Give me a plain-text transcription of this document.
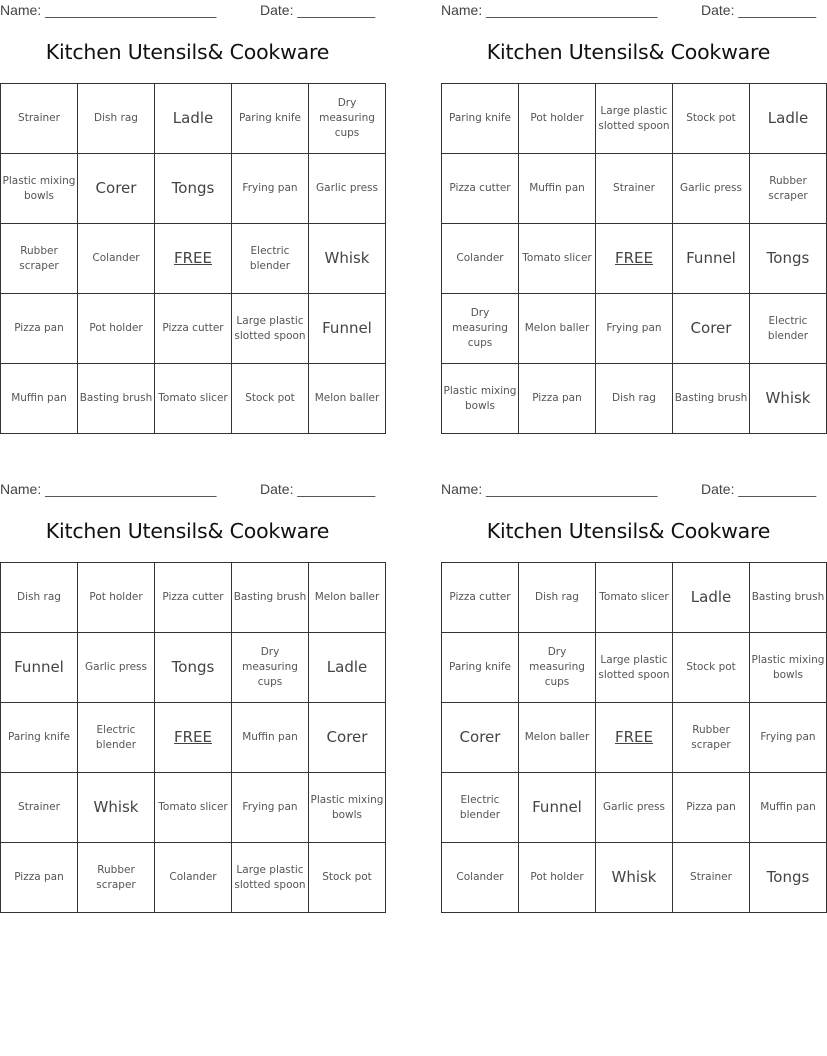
Name: ______________________	Date: __________
Kitchen Utensils& Cookware
Strainer	Dish rag	Ladle	Paring knife	Dry measuring cups
Plastic mixing bowls	Corer	Tongs	Frying pan	Garlic press
Rubber scraper	Colander	FREE	Electric blender	Whisk
Pizza pan	Pot holder	Pizza cutter	Large plastic slotted spoon	Funnel
Muffin pan	Basting brush	Tomato slicer	Stock pot	Melon baller
Name: ______________________	Date: __________
Kitchen Utensils& Cookware
Paring knife	Pot holder	Large plastic slotted spoon	Stock pot	Ladle
Pizza cutter	Muffin pan	Strainer	Garlic press	Rubber scraper
Colander	Tomato slicer	FREE	Funnel	Tongs
Dry measuring cups	Melon baller	Frying pan	Corer	Electric blender
Plastic mixing bowls	Pizza pan	Dish rag	Basting brush	Whisk
Name: ______________________	Date: __________
Kitchen Utensils& Cookware
Dish rag	Pot holder	Pizza cutter	Basting brush	Melon baller
Funnel	Garlic press	Tongs	Dry measuring cups	Ladle
Paring knife	Electric blender	FREE	Muffin pan	Corer
Strainer	Whisk	Tomato slicer	Frying pan	Plastic mixing bowls
Pizza pan	Rubber scraper	Colander	Large plastic slotted spoon	Stock pot
Name: ______________________	Date: __________
Kitchen Utensils& Cookware
Pizza cutter	Dish rag	Tomato slicer	Ladle	Basting brush
Paring knife	Dry measuring cups	Large plastic slotted spoon	Stock pot	Plastic mixing bowls
Corer	Melon baller	FREE	Rubber scraper	Frying pan
Electric blender	Funnel	Garlic press	Pizza pan	Muffin pan
Colander	Pot holder	Whisk	Strainer	Tongs
